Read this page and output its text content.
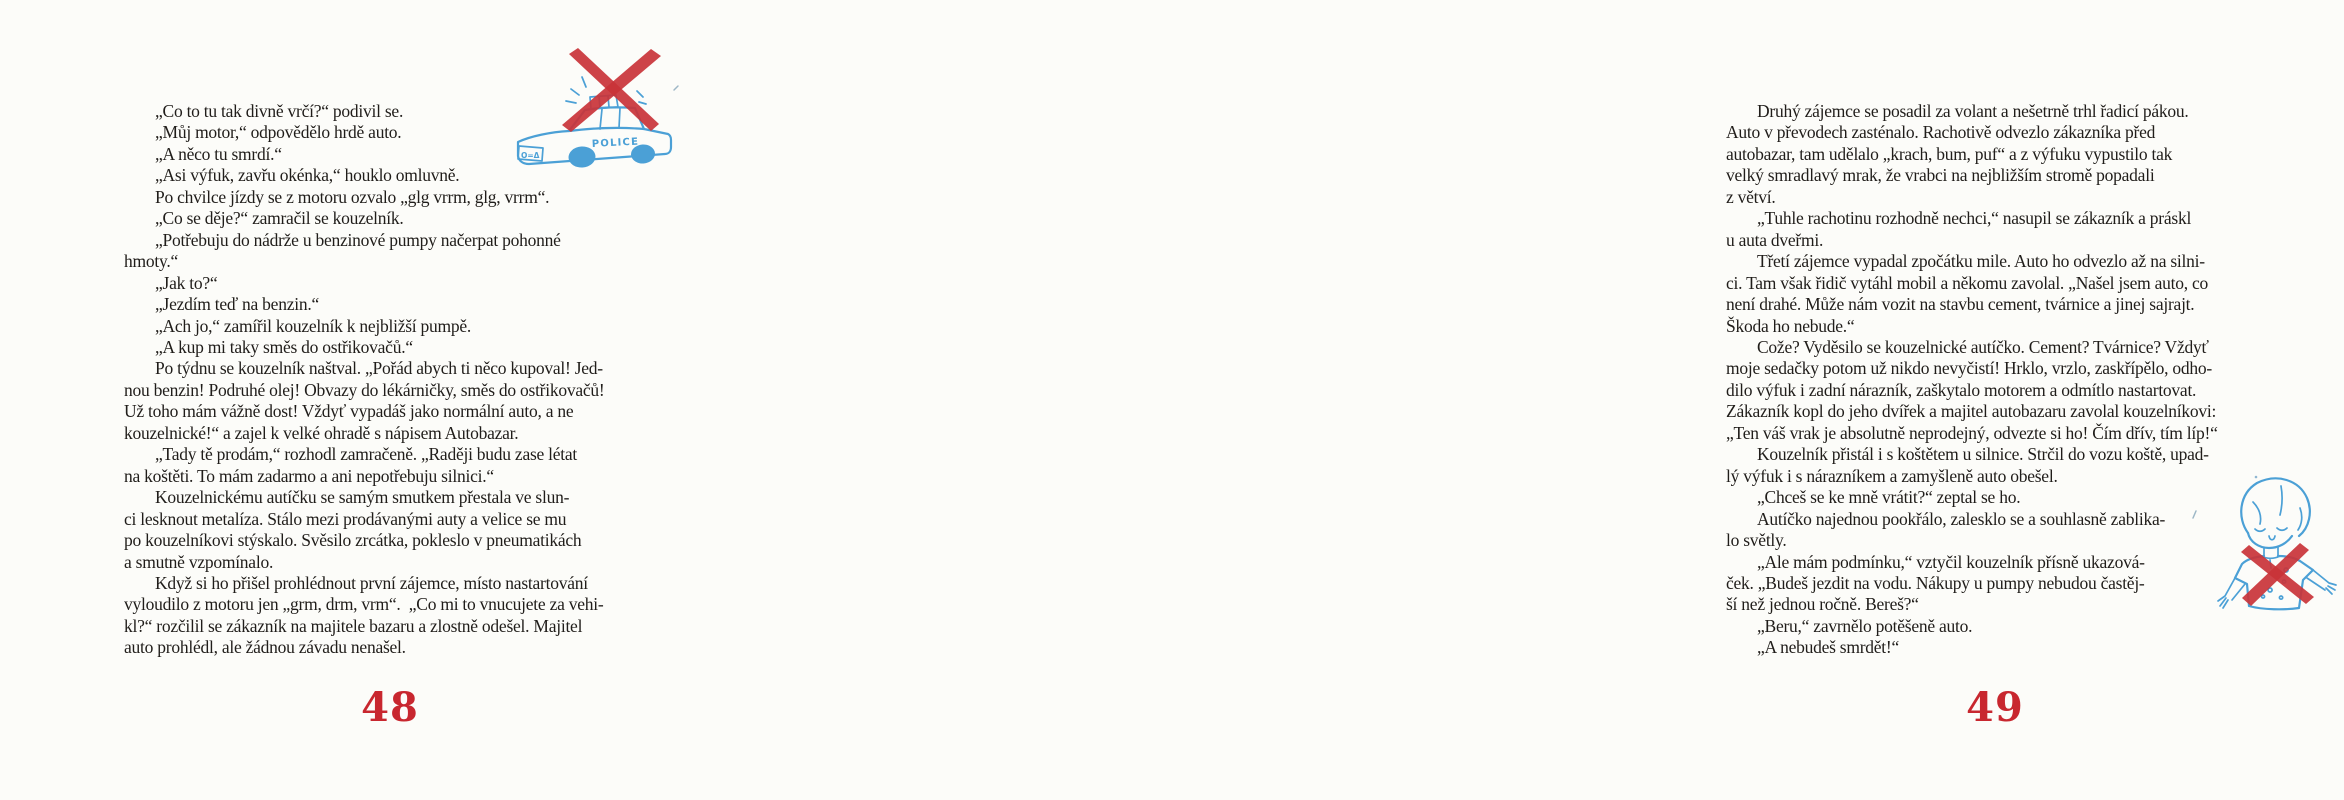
O=Δ
POLICE
„Co to tu tak divně vrčí?“ podivil se.
„Můj motor,“ odpovědělo hrdě auto.
„A něco tu smrdí.“
„Asi výfuk, zavřu okénka,“ houklo omluvně.
Po chvilce jízdy se z motoru ozvalo „glg vrrm, glg, vrrm“.
„Co se děje?“ zamračil se kouzelník.
„Potřebuju do nádrže u benzinové pumpy načerpat pohonné
hmoty.“
„Jak to?“
„Jezdím teď na benzin.“
„Ach jo,“ zamířil kouzelník k nejbližší pumpě.
„A kup mi taky směs do ostřikovačů.“
Po týdnu se kouzelník naštval. „Pořád abych ti něco kupoval! Jed-
nou benzin! Podruhé olej! Obvazy do lékárničky, směs do ostřikovačů!
Už toho mám vážně dost! Vždyť vypadáš jako normální auto, a ne
kouzelnické!“ a zajel k velké ohradě s nápisem Autobazar.
„Tady tě prodám,“ rozhodl zamračeně. „Raději budu zase létat
na koštěti. To mám zadarmo a ani nepotřebuju silnici.“
Kouzelnickému autíčku se samým smutkem přestala ve slun-
ci lesknout metalíza. Stálo mezi prodávanými auty a velice se mu
po kouzelníkovi stýskalo. Svěsilo zrcátka, pokleslo v pneumatikách
a smutně vzpomínalo.
Když si ho přišel prohlédnout první zájemce, místo nastartování
vyloudilo z motoru jen „grm, drm, vrm“.  „Co mi to vnucujete za vehi-
kl?“ rozčilil se zákazník na majitele bazaru a zlostně odešel. Majitel
auto prohlédl, ale žádnou závadu nenašel.
48
Druhý zájemce se posadil za volant a nešetrně trhl řadicí pákou.
Auto v převodech zasténalo. Rachotivě odvezlo zákazníka před
autobazar, tam udělalo „krach, bum, puf“ a z výfuku vypustilo tak
velký smradlavý mrak, že vrabci na nejbližším stromě popadali
z větví.
„Tuhle rachotinu rozhodně nechci,“ nasupil se zákazník a práskl
u auta dveřmi.
Třetí zájemce vypadal zpočátku mile. Auto ho odvezlo až na silni-
ci. Tam však řidič vytáhl mobil a někomu zavolal. „Našel jsem auto, co
není drahé. Může nám vozit na stavbu cement, tvárnice a jinej sajrajt.
Škoda ho nebude.“
Cože? Vyděsilo se kouzelnické autíčko. Cement? Tvárnice? Vždyť
moje sedačky potom už nikdo nevyčistí! Hrklo, vrzlo, zaskřípělo, odho-
dilo výfuk i zadní nárazník, zaškytalo motorem a odmítlo nastartovat.
Zákazník kopl do jeho dvířek a majitel autobazaru zavolal kouzelníkovi:
„Ten váš vrak je absolutně neprodejný, odvezte si ho! Čím dřív, tím líp!“
Kouzelník přistál i s koštětem u silnice. Strčil do vozu koště, upad-
lý výfuk i s nárazníkem a zamyšleně auto obešel.
„Chceš se ke mně vrátit?“ zeptal se ho.
Autíčko najednou pookřálo, zalesklo se a souhlasně zablika-
lo světly.
„Ale mám podmínku,“ vztyčil kouzelník přísně ukazová-
ček. „Budeš jezdit na vodu. Nákupy u pumpy nebudou častěj-
ší než jednou ročně. Bereš?“
„Beru,“ zavrnělo potěšeně auto.
„A nebudeš smrdět!“
49
